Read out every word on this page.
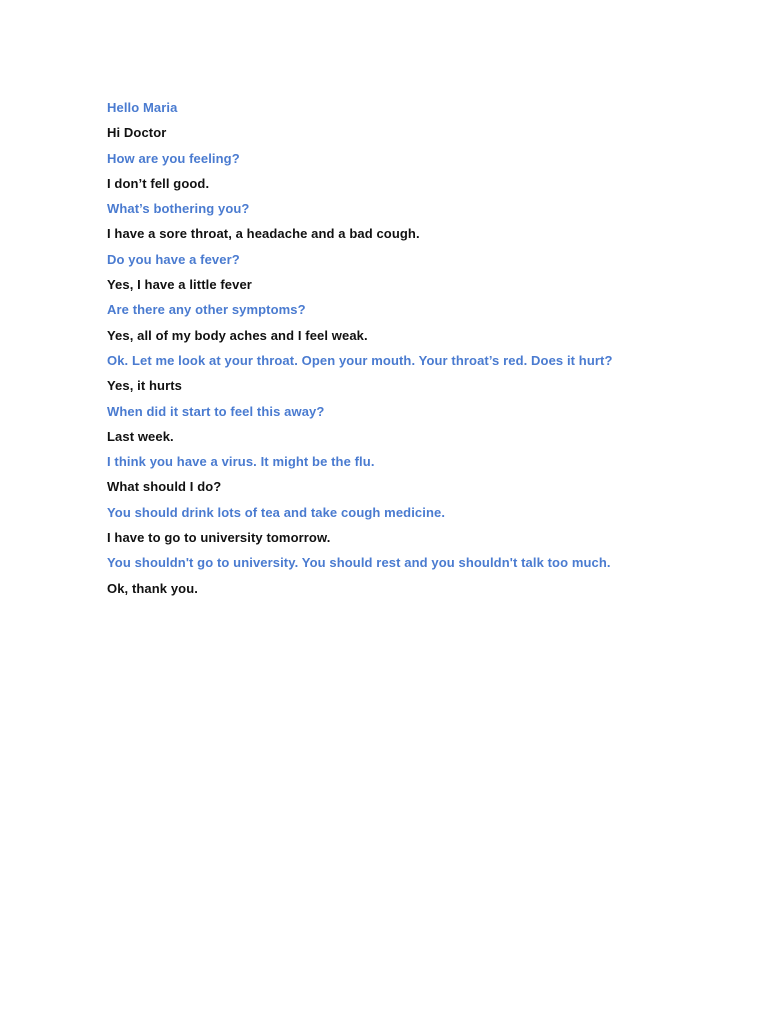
Hello Maria
Hi Doctor
How are you feeling?
I don’t fell good.
What’s bothering you?
I have a sore throat, a headache and a bad cough.
Do you have a fever?
Yes, I have a little fever
Are there any other symptoms?
Yes, all of my body aches and I feel weak.
Ok. Let me look at your throat. Open your mouth. Your throat’s red. Does it hurt?
Yes, it hurts
When did it start to feel this away?
Last week.
I think you have a virus. It might be the flu.
What should I do?
You should drink lots of tea and take cough medicine.
I have to go to university tomorrow.
You shouldn't go to university. You should rest and you shouldn't talk too much.
Ok, thank you.
